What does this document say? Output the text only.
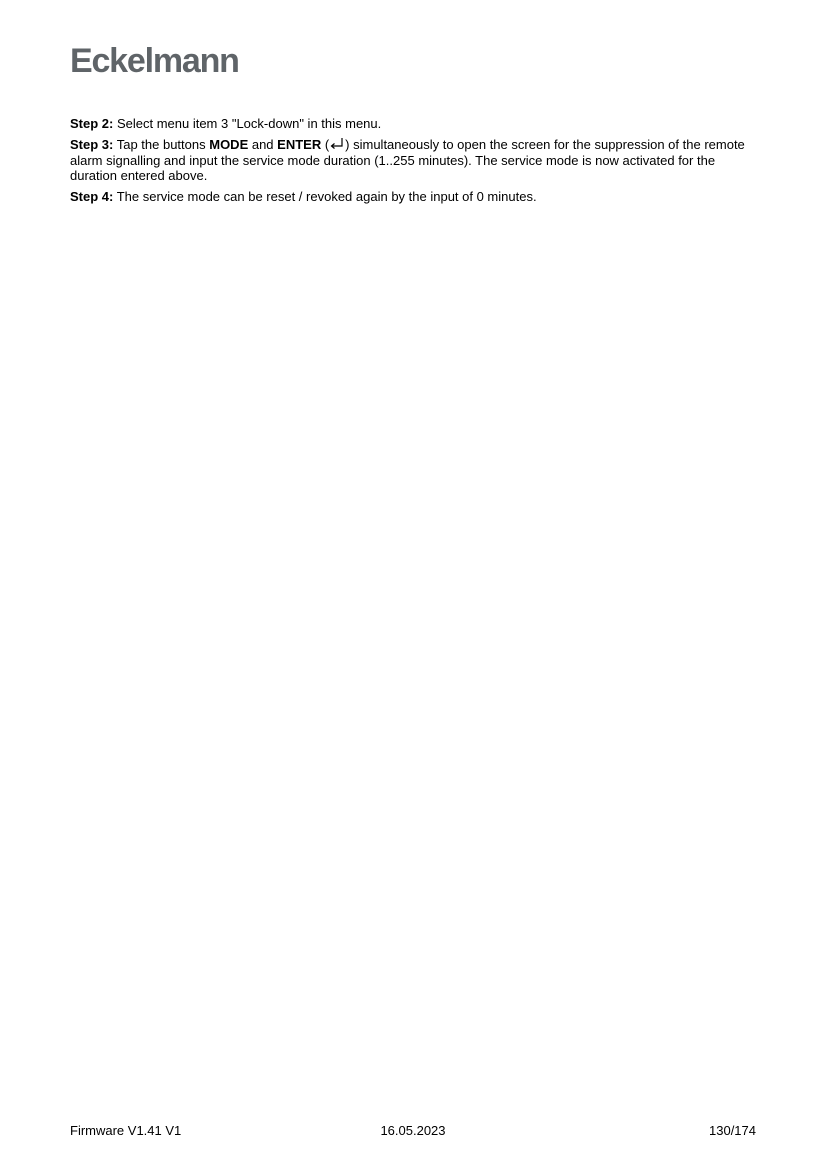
Eckelmann

Step 2: Select menu item 3 "Lock-down" in this menu.

Step 3: Tap the buttons MODE and ENTER ( ) simultaneously to open the screen for the suppression of the remote alarm signalling and input the service mode duration (1..255 minutes). The service mode is now activated for the duration entered above.

Step 4: The service mode can be reset / revoked again by the input of 0 minutes.

Firmware V1.41 V1	16.05.2023	130/174
